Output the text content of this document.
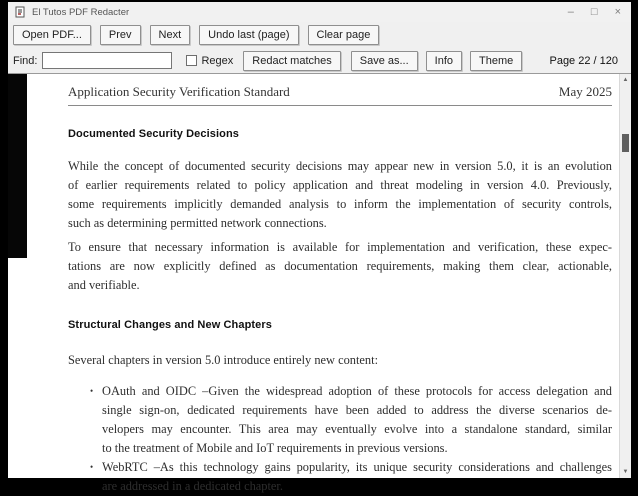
El Tutos PDF Redacter	– □ ×
Open PDF...	Prev	Next	Undo last (page)	Clear page
Find:	Regex	Redact matches	Save as...	Info	Theme	Page 22 / 120
Application Security Verification Standard	May 2025
Documented Security Decisions
While the concept of documented security decisions may appear new in version 5.0, it is an evolution
of earlier requirements related to policy application and threat modeling in version 4.0. Previously,
some requirements implicitly demanded analysis to inform the implementation of security controls,
such as determining permitted network connections.
To ensure that necessary information is available for implementation and verification, these expec-
tations are now explicitly defined as documentation requirements, making them clear, actionable,
and verifiable.
Structural Changes and New Chapters
Several chapters in version 5.0 introduce entirely new content:
• OAuth and OIDC –Given the widespread adoption of these protocols for access delegation and
single sign-on, dedicated requirements have been added to address the diverse scenarios de-
velopers may encounter. This area may eventually evolve into a standalone standard, similar
to the treatment of Mobile and IoT requirements in previous versions.
• WebRTC –As this technology gains popularity, its unique security considerations and challenges
are addressed in a dedicated chapter.
▲
▼
